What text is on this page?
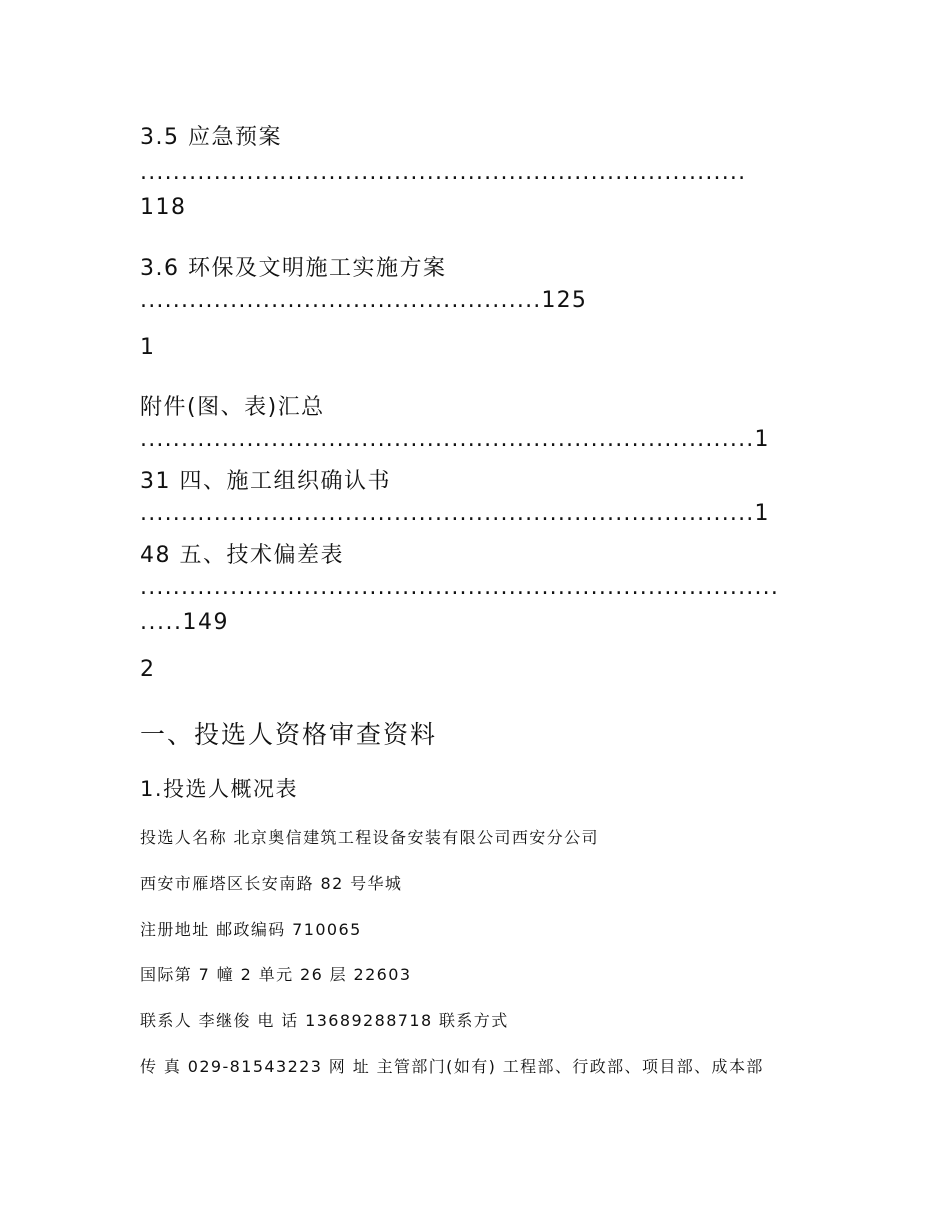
3.5 应急预案

..........................................................................

118

3.6 环保及文明施工实施方案

.................................................125

1

附件(图、表)汇总

...........................................................................1

31 四、施工组织确认书

...........................................................................1

48 五、技术偏差表

..............................................................................

.....149

2

一、投选人资格审查资料
1.投选人概况表

投选人名称 北京奥信建筑工程设备安装有限公司西安分公司

西安市雁塔区长安南路 82 号华城

注册地址 邮政编码 710065

国际第 7 幢 2 单元 26 层 22603

联系人 李继俊 电 话 13689288718 联系方式

传 真 029-81543223 网 址 主管部门(如有) 工程部、行政部、项目部、成本部
